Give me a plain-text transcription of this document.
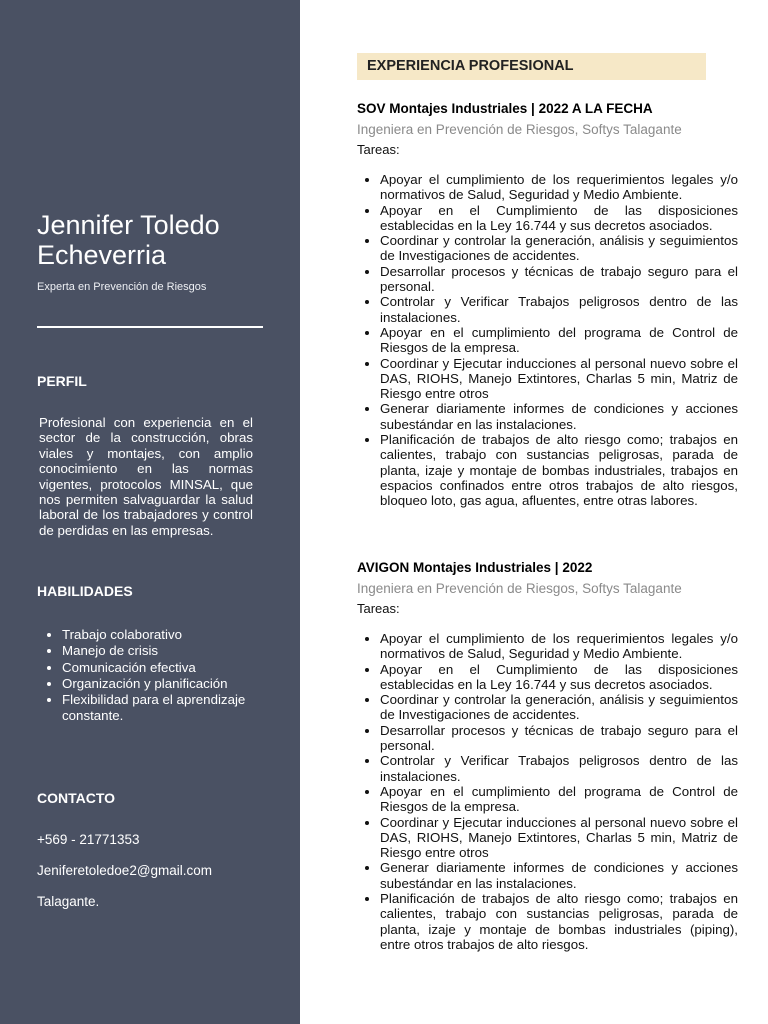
Jennifer Toledo Echeverria
Experta en Prevención de Riesgos
PERFIL

Profesional con experiencia en el sector de la construcción, obras viales y montajes, con amplio conocimiento en las normas vigentes, protocolos MINSAL, que nos permiten salvaguardar la salud laboral de los trabajadores y control de perdidas en las empresas.

HABILIDADES
• Trabajo colaborativo
• Manejo de crisis
• Comunicación efectiva
• Organización y planificación
• Flexibilidad para el aprendizaje constante.
CONTACTO
+569 - 21771353
Jeniferetoledoe2@gmail.com
Talagante.
EXPERIENCIA PROFESIONAL
SOV Montajes Industriales | 2022 A LA FECHA
Ingeniera en Prevención de Riesgos, Softys Talagante
Tareas:
• Apoyar el cumplimiento de los requerimientos legales y/o normativos de Salud, Seguridad y Medio Ambiente.
• Apoyar en el Cumplimiento de las disposiciones establecidas en la Ley 16.744 y sus decretos asociados.
• Coordinar y controlar la generación, análisis y seguimientos de Investigaciones de accidentes.
• Desarrollar procesos y técnicas de trabajo seguro para el personal.
• Controlar y Verificar Trabajos peligrosos dentro de las instalaciones.
• Apoyar en el cumplimiento del programa de Control de Riesgos de la empresa.
• Coordinar y Ejecutar inducciones al personal nuevo sobre el DAS, RIOHS, Manejo Extintores, Charlas 5 min, Matriz de Riesgo entre otros
• Generar diariamente informes de condiciones y acciones subestándar en las instalaciones.
• Planificación de trabajos de alto riesgo como; trabajos en calientes, trabajo con sustancias peligrosas, parada de planta, izaje y montaje de bombas industriales, trabajos en espacios confinados entre otros trabajos de alto riesgos, bloqueo loto, gas agua, afluentes, entre otras labores.
AVIGON Montajes Industriales | 2022
Ingeniera en Prevención de Riesgos, Softys Talagante
Tareas:
• Apoyar el cumplimiento de los requerimientos legales y/o normativos de Salud, Seguridad y Medio Ambiente.
• Apoyar en el Cumplimiento de las disposiciones establecidas en la Ley 16.744 y sus decretos asociados.
• Coordinar y controlar la generación, análisis y seguimientos de Investigaciones de accidentes.
• Desarrollar procesos y técnicas de trabajo seguro para el personal.
• Controlar y Verificar Trabajos peligrosos dentro de las instalaciones.
• Apoyar en el cumplimiento del programa de Control de Riesgos de la empresa.
• Coordinar y Ejecutar inducciones al personal nuevo sobre el DAS, RIOHS, Manejo Extintores, Charlas 5 min, Matriz de Riesgo entre otros
• Generar diariamente informes de condiciones y acciones subestándar en las instalaciones.
• Planificación de trabajos de alto riesgo como; trabajos en calientes, trabajo con sustancias peligrosas, parada de planta, izaje y montaje de bombas industriales (piping), entre otros trabajos de alto riesgos.
